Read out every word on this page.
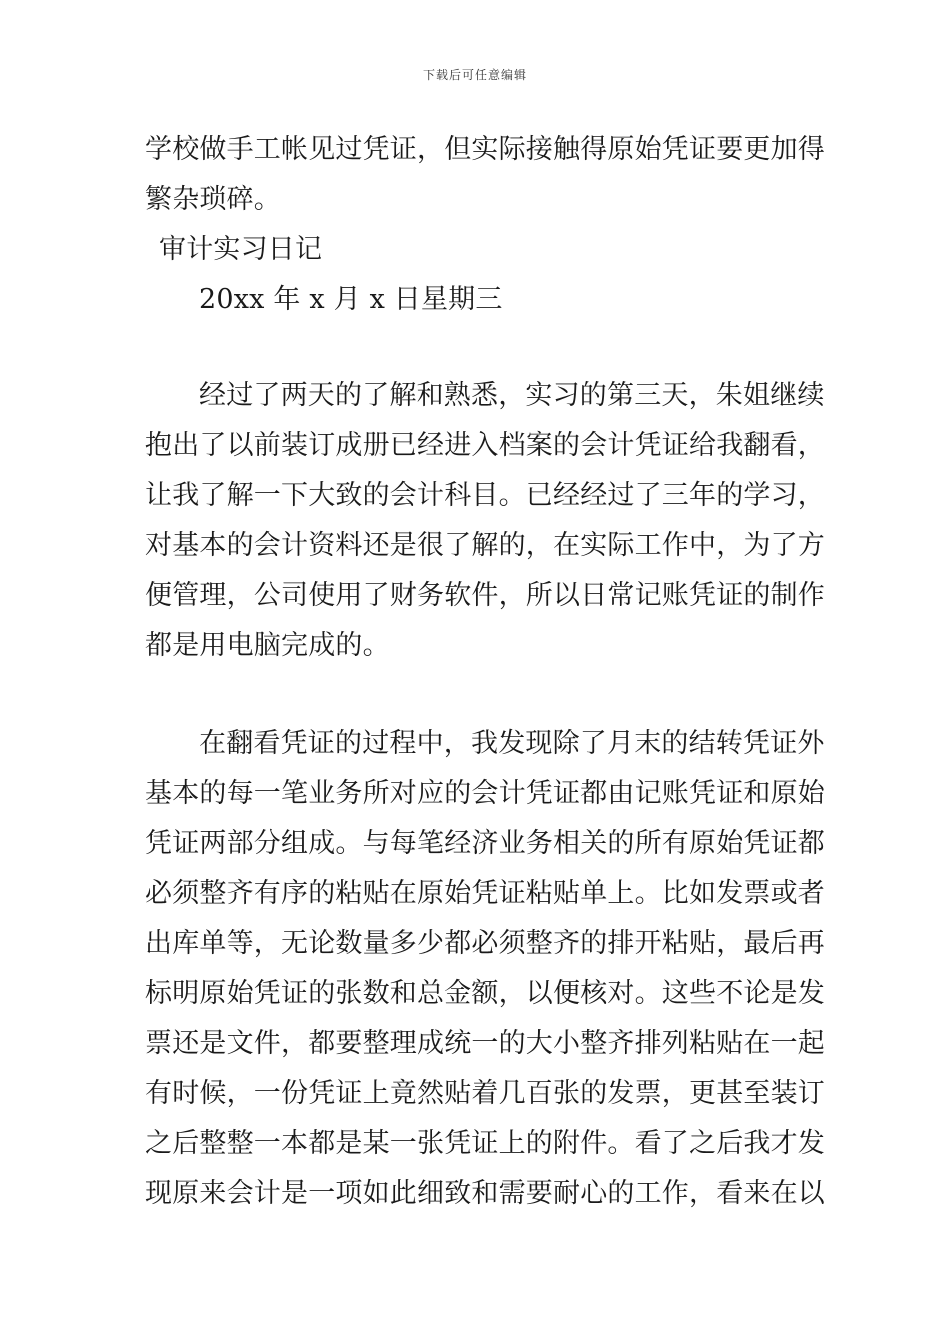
下载后可任意编辑
学校做手工帐见过凭证，但实际接触得原始凭证要更加得
繁杂琐碎。
审计实习日记
20xx 年 x 月 x 日星期三
经过了两天的了解和熟悉，实习的第三天，朱姐继续
抱出了以前装订成册已经进入档案的会计凭证给我翻看，
让我了解一下大致的会计科目。已经经过了三年的学习，
对基本的会计资料还是很了解的，在实际工作中，为了方
便管理，公司使用了财务软件，所以日常记账凭证的制作
都是用电脑完成的。
在翻看凭证的过程中，我发现除了月末的结转凭证外
基本的每一笔业务所对应的会计凭证都由记账凭证和原始
凭证两部分组成。与每笔经济业务相关的所有原始凭证都
必须整齐有序的粘贴在原始凭证粘贴单上。比如发票或者
出库单等，无论数量多少都必须整齐的排开粘贴，最后再
标明原始凭证的张数和总金额，以便核对。这些不论是发
票还是文件，都要整理成统一的大小整齐排列粘贴在一起
有时候，一份凭证上竟然贴着几百张的发票，更甚至装订
之后整整一本都是某一张凭证上的附件。看了之后我才发
现原来会计是一项如此细致和需要耐心的工作，看来在以
